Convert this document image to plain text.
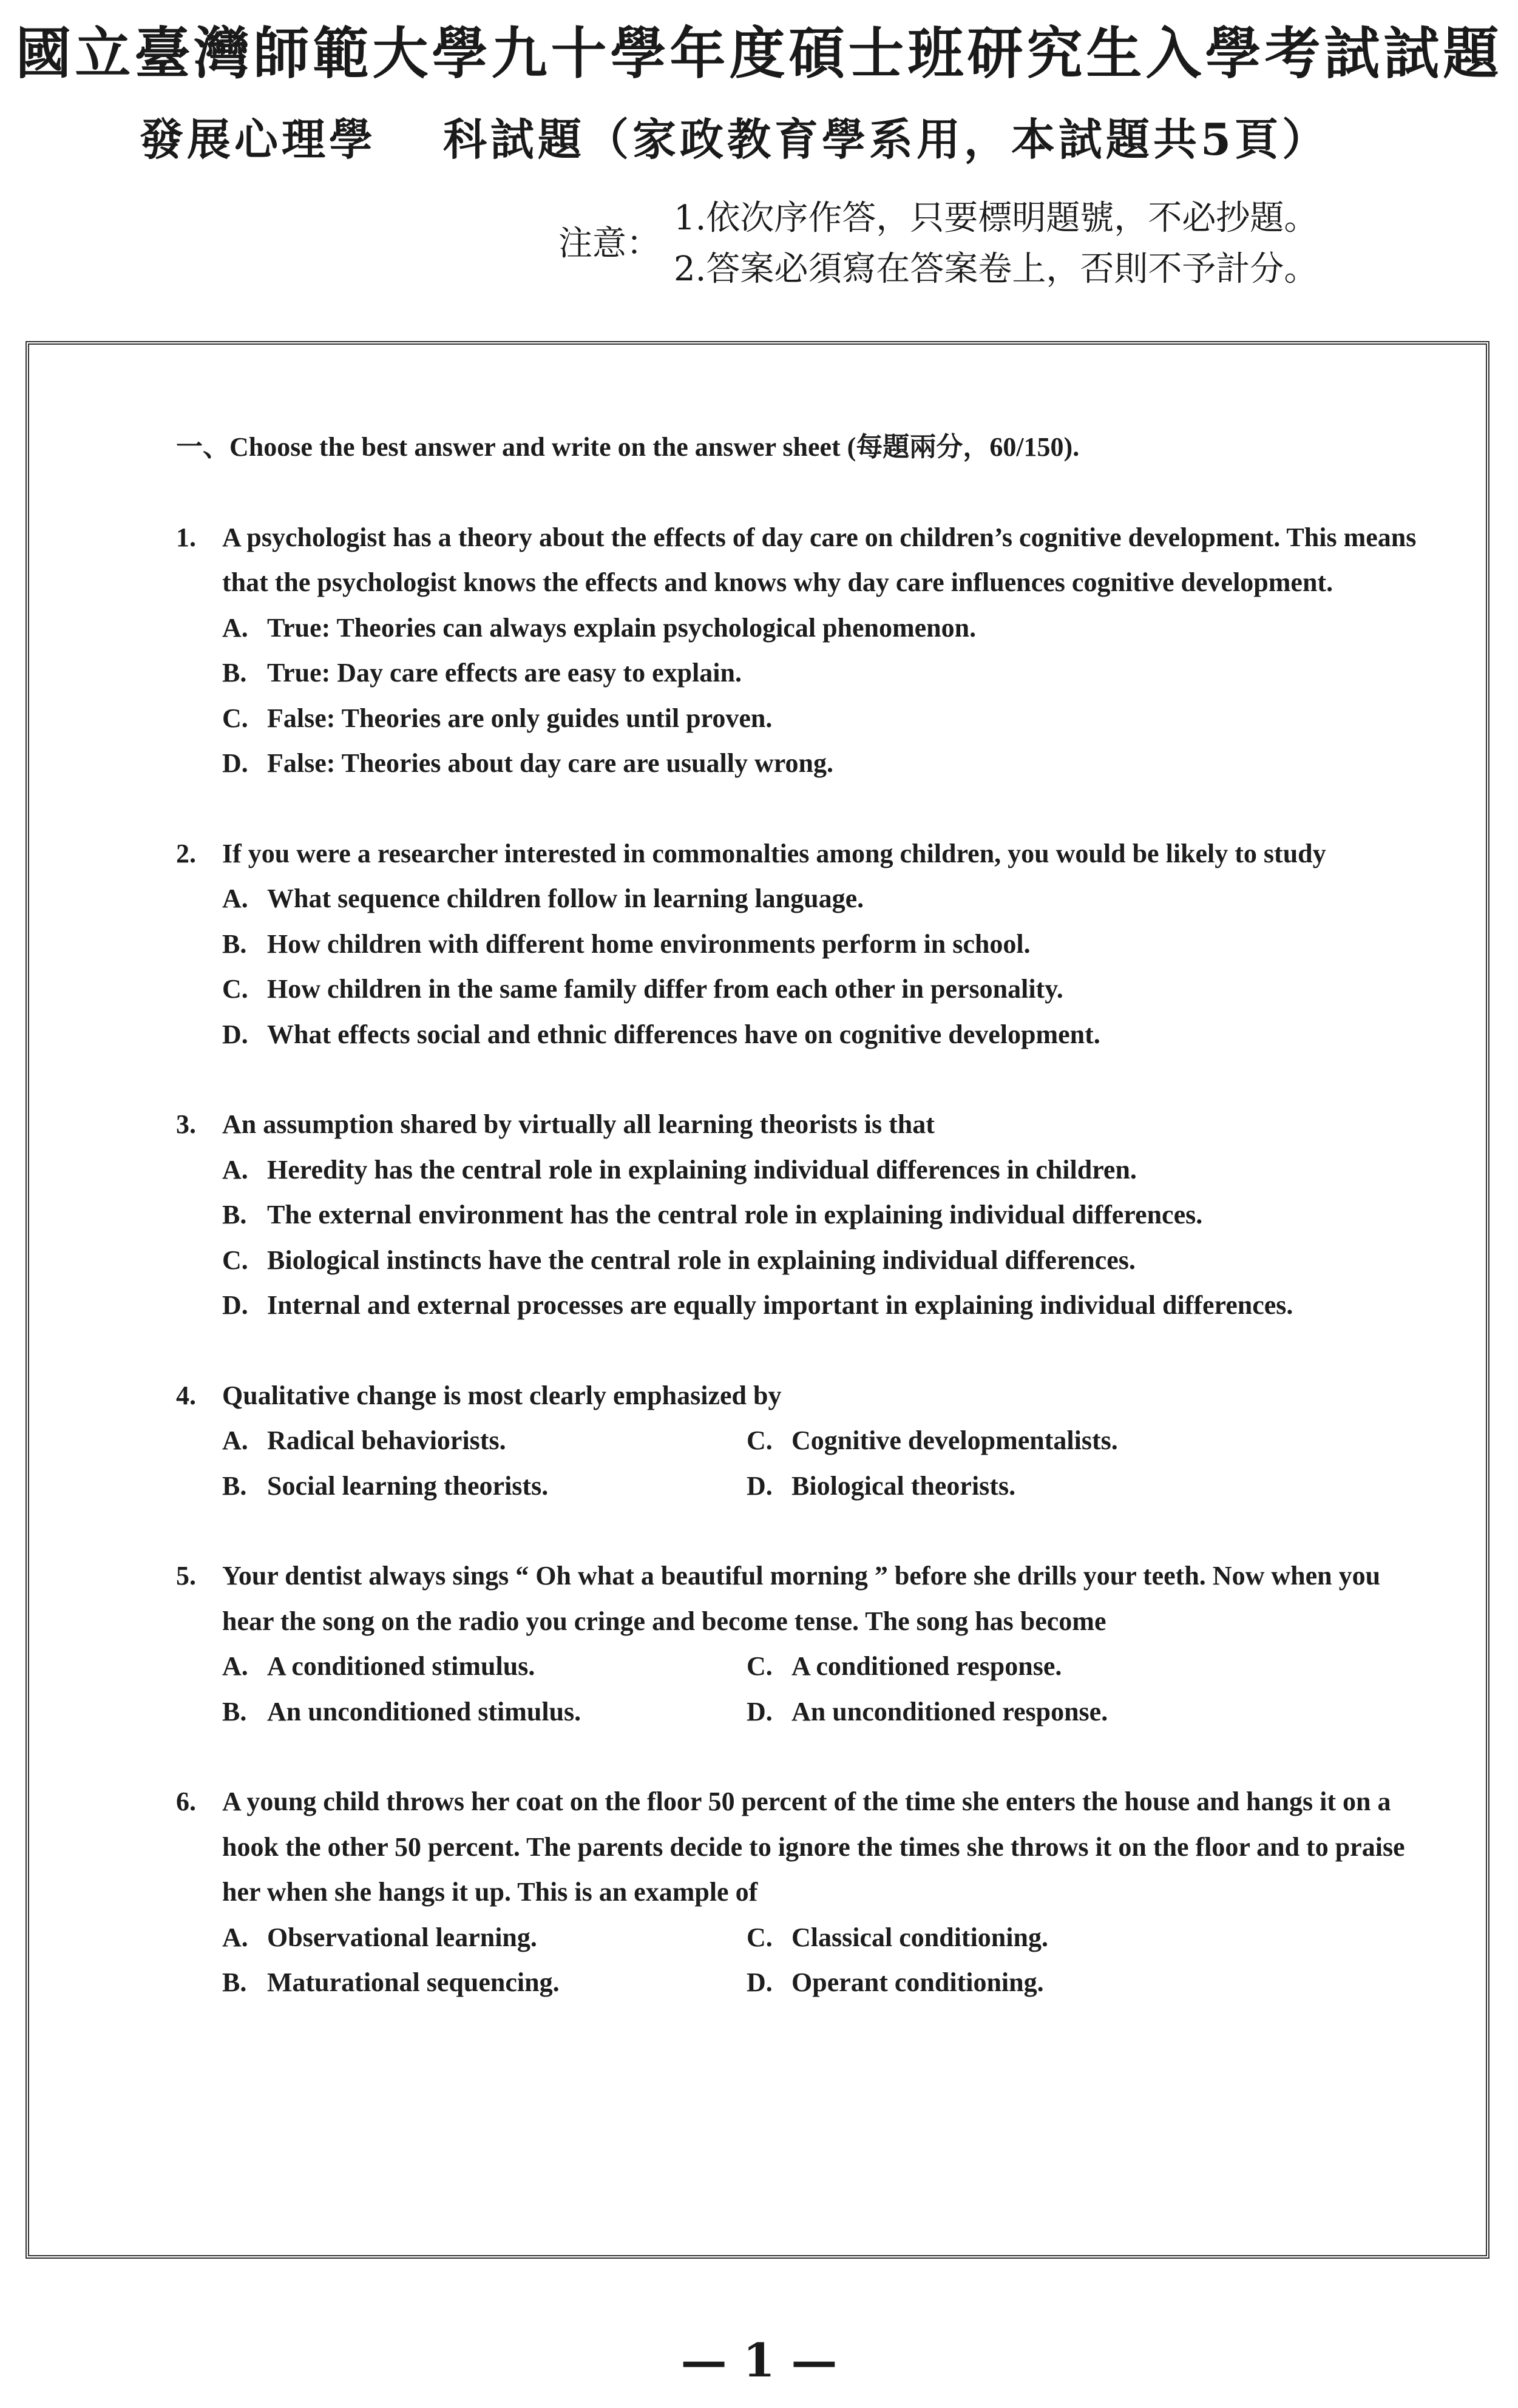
國立臺灣師範大學九十學年度碩士班研究生入學考試試題
發展心理學 科試題（家政教育學系用，本試題共5頁）
注意：
1.依次序作答，只要標明題號，不必抄題。
2.答案必須寫在答案卷上，否則不予計分。
一、Choose the best answer and write on the answer sheet (每題兩分，60/150).
1. A psychologist has a theory about the effects of day care on children’s cognitive development. This means that the psychologist knows the effects and knows why day care influences cognitive development.
A. True: Theories can always explain psychological phenomenon.
B. True: Day care effects are easy to explain.
C. False: Theories are only guides until proven.
D. False: Theories about day care are usually wrong.
2. If you were a researcher interested in commonalties among children, you would be likely to study
A. What sequence children follow in learning language.
B. How children with different home environments perform in school.
C. How children in the same family differ from each other in personality.
D. What effects social and ethnic differences have on cognitive development.
3. An assumption shared by virtually all learning theorists is that
A. Heredity has the central role in explaining individual differences in children.
B. The external environment has the central role in explaining individual differences.
C. Biological instincts have the central role in explaining individual differences.
D. Internal and external processes are equally important in explaining individual differences.
4. Qualitative change is most clearly emphasized by
A. Radical behaviorists.	C. Cognitive developmentalists.
B. Social learning theorists.	D. Biological theorists.
5. Your dentist always sings “ Oh what a beautiful morning ” before she drills your teeth. Now when you hear the song on the radio you cringe and become tense. The song has become
A. A conditioned stimulus.	C. A conditioned response.
B. An unconditioned stimulus.	D. An unconditioned response.
6. A young child throws her coat on the floor 50 percent of the time she enters the house and hangs it on a hook the other 50 percent. The parents decide to ignore the times she throws it on the floor and to praise her when she hangs it up. This is an example of
A. Observational learning.	C. Classical conditioning.
B. Maturational sequencing.	D. Operant conditioning.
— 1 —
